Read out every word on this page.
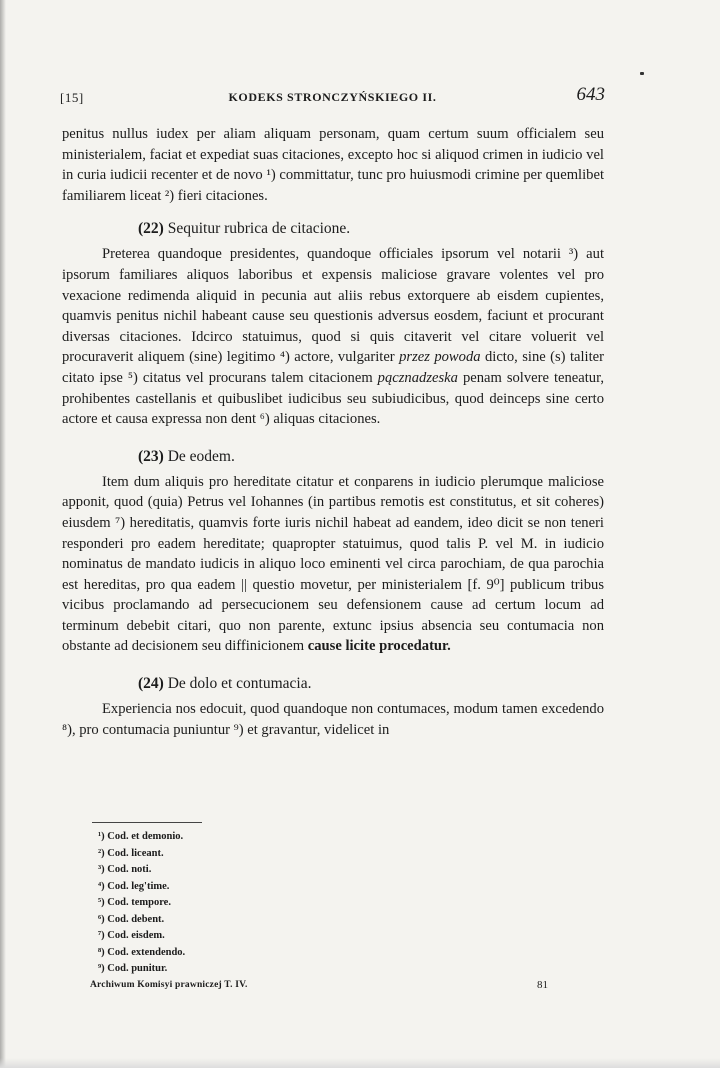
[15]	KODEKS STRONCZYŃSKIEGO II.	643

penitus nullus iudex per aliam aliquam personam, quam certum suum officialem seu ministerialem, faciat et expediat suas citaciones, excepto hoc si aliquod crimen in iudicio vel in curia iudicii recenter et de novo ¹) committatur, tunc pro huiusmodi crimine per quemlibet familiarem liceat ²) fieri citaciones.

(22) Sequitur rubrica de citacione.

Preterea quandoque presidentes, quandoque officiales ipsorum vel notarii ³) aut ipsorum familiares aliquos laboribus et expensis maliciose gravare volentes vel pro vexacione redimenda aliquid in pecunia aut aliis rebus extorquere ab eisdem cupientes, quamvis penitus nichil habeant cause seu questionis adversus eosdem, faciunt et procurant diversas citaciones. Idcirco statuimus, quod si quis citaverit vel citare voluerit vel procuraverit aliquem (sine) legitimo ⁴) actore, vulgariter przez powoda dicto, sine (s) taliter citato ipse ⁵) citatus vel procurans talem citacionem pącznadzeska penam solvere teneatur, prohibentes castellanis et quibuslibet iudicibus seu subiudicibus, quod deinceps sine certo actore et causa expressa non dent ⁶) aliquas citaciones.

(23) De eodem.

Item dum aliquis pro hereditate citatur et conparens in iudicio plerumque maliciose apponit, quod (quia) Petrus vel Iohannes (in partibus remotis est constitutus, et sit coheres) eiusdem ⁷) hereditatis, quamvis forte iuris nichil habeat ad eandem, ideo dicit se non teneri responderi pro eadem hereditate; quapropter statuimus, quod talis P. vel M. in iudicio nominatus de mandato iudicis in aliquo loco eminenti vel circa parochiam, de qua parochia est hereditas, pro qua eadem || questio movetur, per ministerialem [f. 9⁰] publicum tribus vicibus proclamando ad persecucionem seu defensionem cause ad certum locum ad terminum debebit citari, quo non parente, extunc ipsius absencia seu contumacia non obstante ad decisionem seu diffinicionem cause licite procedatur.

(24) De dolo et contumacia.

Experiencia nos edocuit, quod quandoque non contumaces, modum tamen excedendo ⁸), pro contumacia puniuntur ⁹) et gravantur, videlicet in

¹) Cod. et demonio.
²) Cod. liceant.
³) Cod. noti.
⁴) Cod. leg'time.
⁵) Cod. tempore.
⁶) Cod. debent.
⁷) Cod. eisdem.
⁸) Cod. extendendo.
⁹) Cod. punitur.
Archiwum Komisyi prawniczej T. IV.	81
